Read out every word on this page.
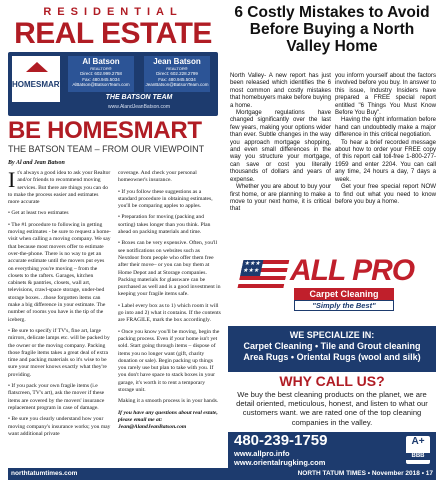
RESIDENTIAL
REAL ESTATE
HOMESMART
Al Batson
REALTOR®
Direct: 602.999.2758
Fax: 480.945.5034
AlBatson@BatsonTeam.com
Jean Batson
REALTOR®
Direct: 602.228.2799
Fax: 480.945.5034
JeanBatson@BatsonTeam.com
THE BATSON TEAM
www.AlandJeanBatson.com
BE HOMESMART
THE BATSON TEAM – FROM OUR VIEWPOINT
By Al and Jean Batson

It's always a good idea to ask your Realtor and/or friends to recommend moving services. But there are things you can do to make the process easier and estimates more accurate

• Get at least two estimates

• The #1 procedure to following in getting moving estimates - be sure to request a home-visit when calling a moving company. We say that because most movers offer to estimate over-the-phone. There is no way to get an accurate estimate until the movers put eyes on everything you're moving – from the closets to the rafters. Garages, kitchen cabinets & pantries, closets, wall art, televisions, crawl-space storage, under-bed storage boxes…those forgotten items can make a big difference in your estimate. The number of rooms you have is the tip of the iceberg.

• Be sure to specify if TV's, fine art, large mirrors, delicate lamps etc. will be packed by the owner or the moving company. Packing those fragile items takes a great deal of extra time and packing materials so it's wise to be sure your mover knows exactly what they're providing.

• If you pack your own fragile items (i.e flatscreen, TV's art), ask the mover if these items are covered by the movers' insurance replacement program in case of damage.

• Be sure you clearly understand how your moving company's insurance works; you may want additional private

coverage. And check your personal homeowner's insurance.

• If you follow these suggestions as a standard procedure in obtaining estimates, you'll be comparing apples to apples.

• Preparation for moving (packing and sorting) takes longer than you think. Plan ahead on packing materials and time.

• Boxes can be very expensive. Often, you'll see notifications on websites such as Nextdoor from people who offer them free after their move– or you can buy them at Home Depot and at Storage companies. Packing materials for glassware can be purchased as well and is a good investment in keeping your fragile items safe.

• Label every box as to 1) which room it will go into and 2) what it contains. If the contents are FRAGILE, mark the box accordingly.

• Once you know you'll be moving, begin the packing process. Even if your home isn't yet sold. Start going through items – dispose of items you no longer want (gift, charity donation or sale). Begin packing up things you rarely use but plan to take with you. If you don't have space to stack boxes in your garage, it's worth it to rent a temporary storage unit.

Making it a smooth process is in your hands.

If you have any questions about real estate, please email me at: Jean@AlandJeanBatson.com

6 Costly Mistakes to Avoid Before Buying a North Valley Home

North Valley- A new report has just been released which identifies the 6 most common and costly mistakes that homebuyers make before buying a home.

Mortgage regulations have changed significantly over the last few years, making your options wider than ever. Subtle changes in the way you approach mortgage shopping, and even small differences in the way you structure your mortgage, can save or cost you literally thousands of dollars and years of expense.

Whether you are about to buy your first home, or are planning to make a move to your next home, it is critical that

you inform yourself about the factors involved before you buy. In answer to this issue, Industry Insiders have prepared a FREE special report entitled "6 Things You Must Know Before You Buy".

Having the right information before hand can undoubtedly make a major difference in this critical negotiation.

To hear a brief recorded message about how to order your FREE copy of this report call toll-free 1-800-277-1959 and enter 2204. You can call any time, 24 hours a day, 7 days a week.

Get your free special report NOW to find out what you need to know before you buy a home.

★★★
★★★ ALL PRO
Carpet Cleaning
"Simply the Best"
WE SPECIALIZE IN:
Carpet Cleaning • Tile and Grout cleaning
Area Rugs • Oriental Rugs (wool and silk)
WHY CALL US?
We buy the best cleaning products on the planet, we are detail oriented, meticulous, honest, and listen to what our customers want. we are rated one of the top cleaning companies in the valley.
480-239-1759
www.allpro.info
www.orientalrugking.com
A+
BBB
northtatumtimes.com	NORTH TATUM TIMES • November 2018 • 17
